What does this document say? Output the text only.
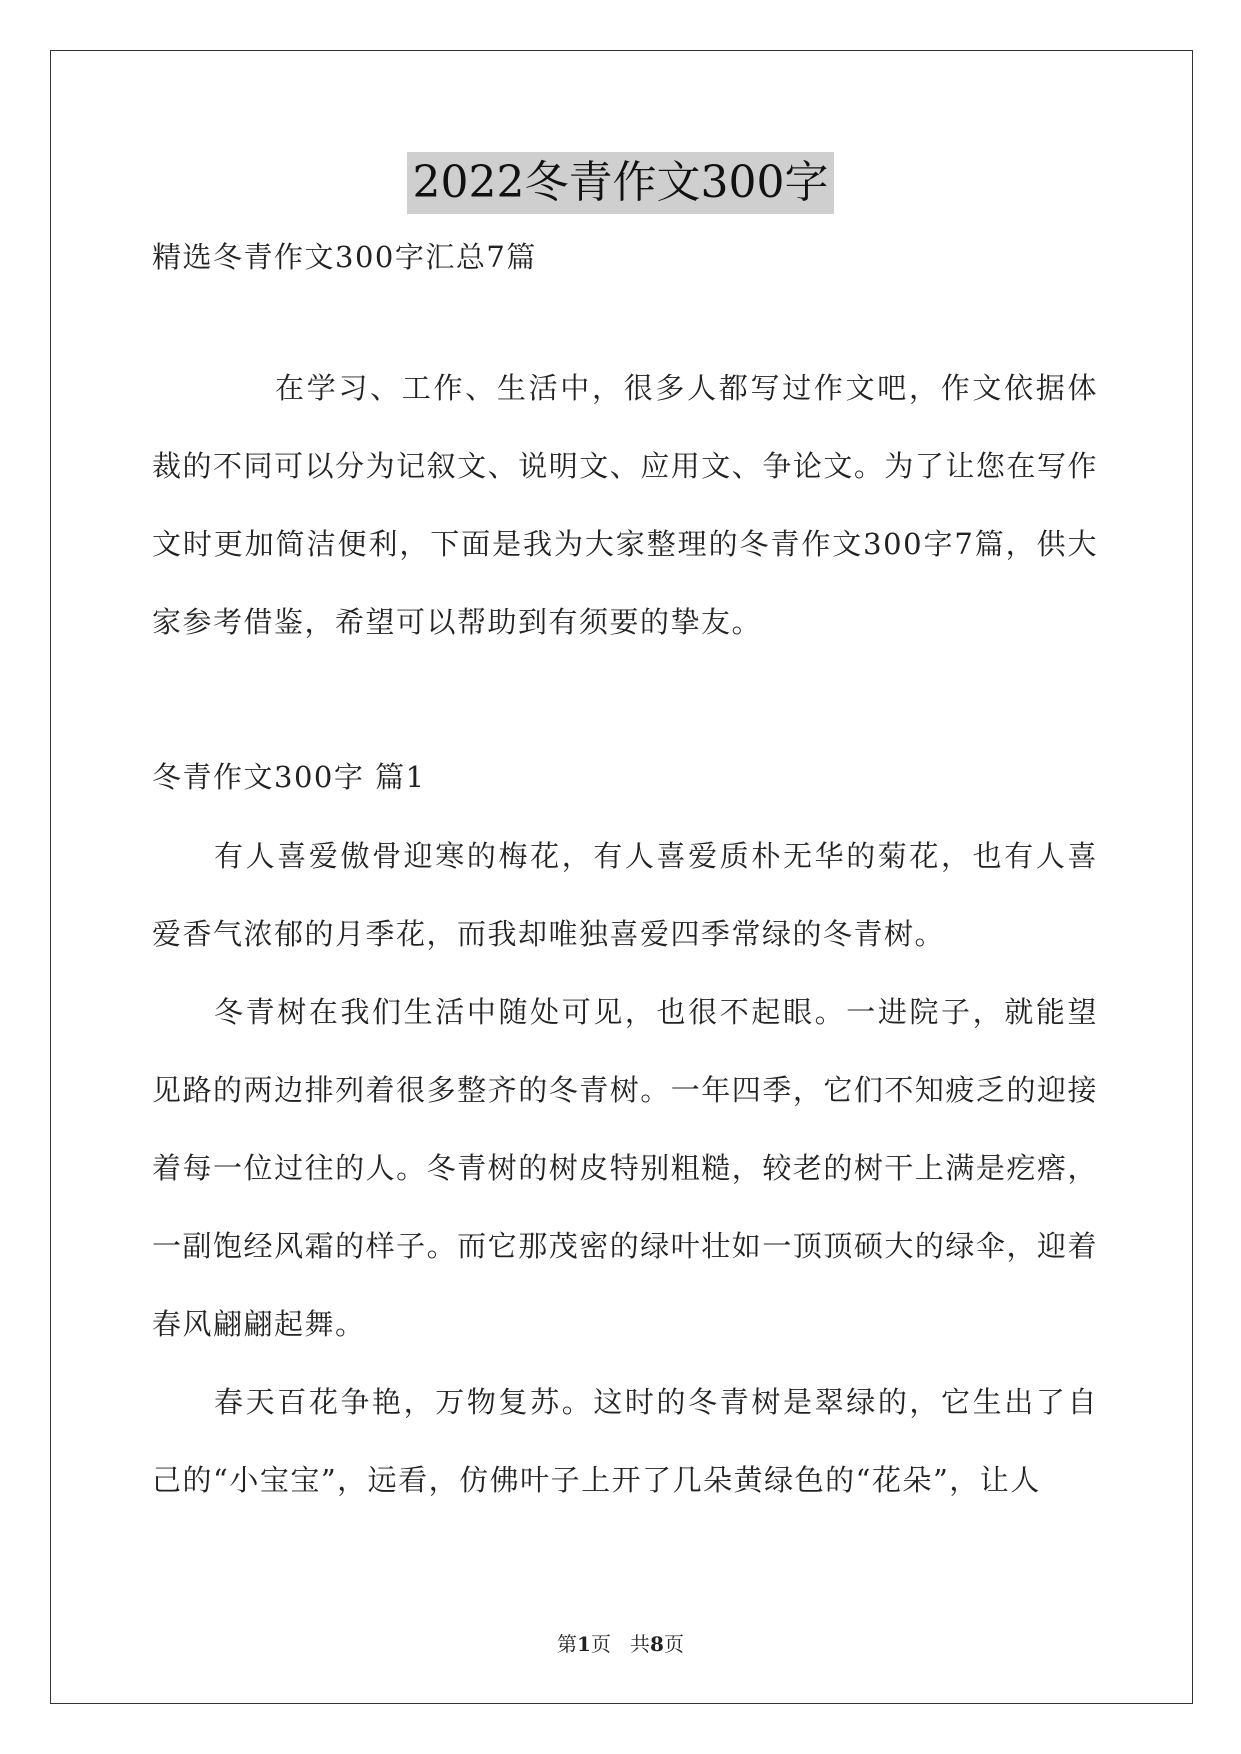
2022冬青作文300字
精选冬青作文300字汇总7篇
在学习、工作、生活中，很多人都写过作文吧，作文依据体裁的不同可以分为记叙文、说明文、应用文、争论文。为了让您在写作文时更加简洁便利，下面是我为大家整理的冬青作文300字7篇，供大家参考借鉴，希望可以帮助到有须要的挚友。
冬青作文300字 篇1
有人喜爱傲骨迎寒的梅花，有人喜爱质朴无华的菊花，也有人喜爱香气浓郁的月季花，而我却唯独喜爱四季常绿的冬青树。
冬青树在我们生活中随处可见，也很不起眼。一进院子，就能望见路的两边排列着很多整齐的冬青树。一年四季，它们不知疲乏的迎接着每一位过往的人。冬青树的树皮特别粗糙，较老的树干上满是疙瘩，一副饱经风霜的样子。而它那茂密的绿叶壮如一顶顶硕大的绿伞，迎着春风翩翩起舞。
春天百花争艳，万物复苏。这时的冬青树是翠绿的，它生出了自己的“小宝宝”，远看，仿佛叶子上开了几朵黄绿色的“花朵”，让人
第1页 共8页
